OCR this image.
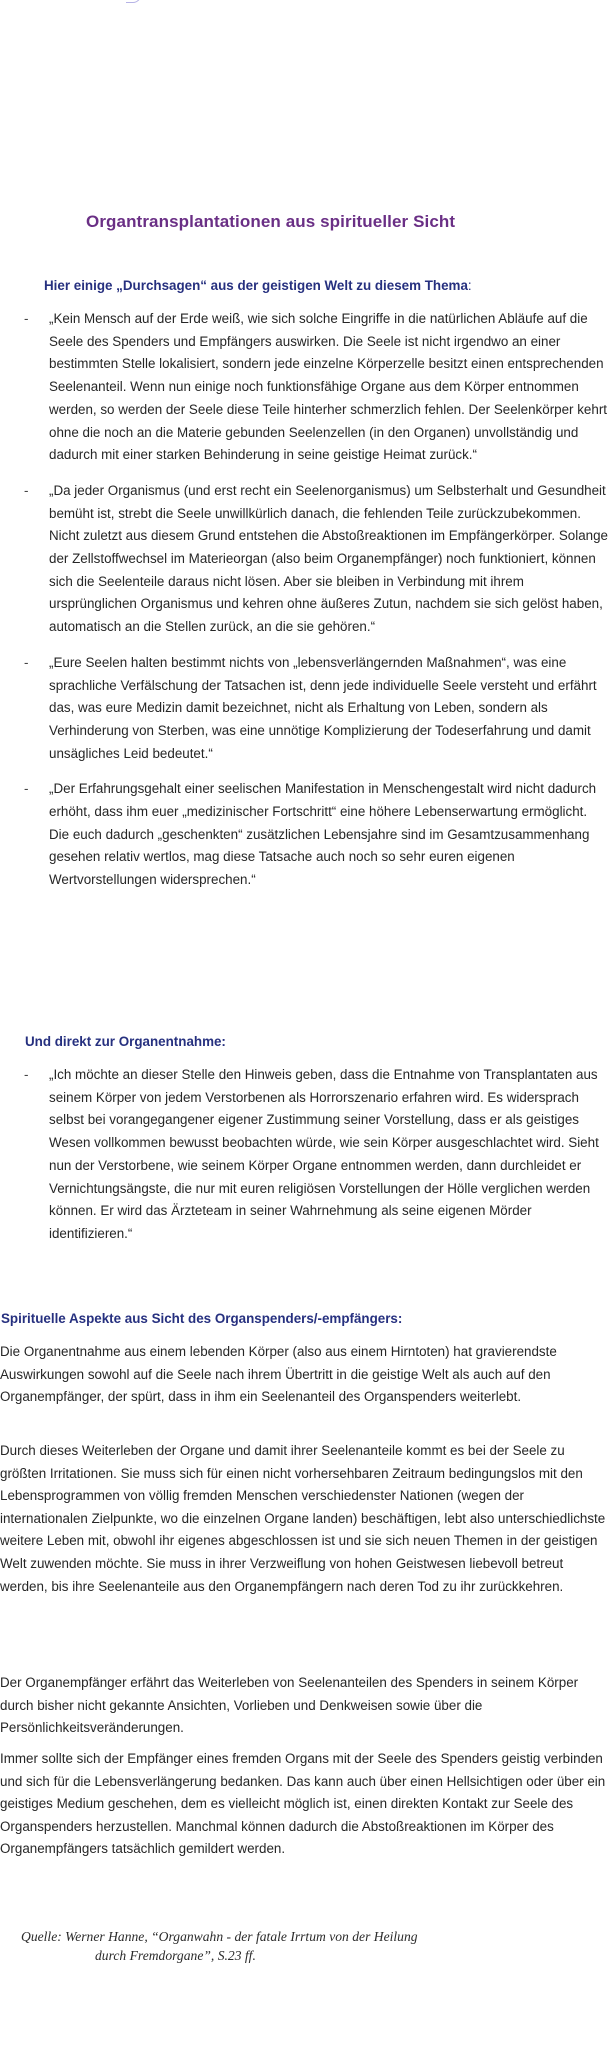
Organtransplantationen aus spiritueller Sicht
Hier einige „Durchsagen“ aus der geistigen Welt zu diesem Thema:
- „Kein Mensch auf der Erde weiß, wie sich solche Eingriffe in die natürlichen Abläufe auf die Seele des Spenders und Empfängers auswirken. Die Seele ist nicht irgendwo an einer bestimmten Stelle lokalisiert, sondern jede einzelne Körperzelle besitzt einen entsprechenden Seelenanteil. Wenn nun einige noch funktionsfähige Organe aus dem Körper entnommen werden, so werden der Seele diese Teile hinterher schmerzlich fehlen. Der Seelenkörper kehrt ohne die noch an die Materie gebunden Seelenzellen (in den Organen) unvollständig und dadurch mit einer starken Behinderung in seine geistige Heimat zurück.“
- „Da jeder Organismus (und erst recht ein Seelenorganismus) um Selbsterhalt und Gesundheit bemüht ist, strebt die Seele unwillkürlich danach, die fehlenden Teile zurückzubekommen. Nicht zuletzt aus diesem Grund entstehen die Abstoßreaktionen im Empfängerkörper. Solange der Zellstoffwechsel im Materieorgan (also beim Organempfänger) noch funktioniert, können sich die Seelenteile daraus nicht lösen. Aber sie bleiben in Verbindung mit ihrem ursprünglichen Organismus und kehren ohne äußeres Zutun, nachdem sie sich gelöst haben, automatisch an die Stellen zurück, an die sie gehören.“
- „Eure Seelen halten bestimmt nichts von „lebensverlängernden Maßnahmen“, was eine sprachliche Verfälschung der Tatsachen ist, denn jede individuelle Seele versteht und erfährt das, was eure Medizin damit bezeichnet, nicht als Erhaltung von Leben, sondern als Verhinderung von Sterben, was eine unnötige Komplizierung der Todeserfahrung und damit unsägliches Leid bedeutet.“
- „Der Erfahrungsgehalt einer seelischen Manifestation in Menschengestalt wird nicht dadurch erhöht, dass ihm euer „medizinischer Fortschritt“ eine höhere Lebenserwartung ermöglicht. Die euch dadurch „geschenkten“ zusätzlichen Lebensjahre sind im Gesamtzusammenhang gesehen relativ wertlos, mag diese Tatsache auch noch so sehr euren eigenen Wertvorstellungen widersprechen.“
Und direkt zur Organentnahme:
- „Ich möchte an dieser Stelle den Hinweis geben, dass die Entnahme von Transplantaten aus seinem Körper von jedem Verstorbenen als Horrorszenario erfahren wird. Es widersprach selbst bei vorangegangener eigener Zustimmung seiner Vorstellung, dass er als geistiges Wesen vollkommen bewusst beobachten würde, wie sein Körper ausgeschlachtet wird. Sieht nun der Verstorbene, wie seinem Körper Organe entnommen werden, dann durchleidet er Vernichtungsängste, die nur mit euren religiösen Vorstellungen der Hölle verglichen werden können. Er wird das Ärzteteam in seiner Wahrnehmung als seine eigenen Mörder identifizieren.“
Spirituelle Aspekte aus Sicht des Organspenders/-empfängers:

Die Organentnahme aus einem lebenden Körper (also aus einem Hirntoten) hat gravierendste Auswirkungen sowohl auf die Seele nach ihrem Übertritt in die geistige Welt als auch auf den Organempfänger, der spürt, dass in ihm ein Seelenanteil des Organspenders weiterlebt.

Durch dieses Weiterleben der Organe und damit ihrer Seelenanteile kommt es bei der Seele zu größten Irritationen. Sie muss sich für einen nicht vorhersehbaren Zeitraum bedingungslos mit den Lebensprogrammen von völlig fremden Menschen verschiedenster Nationen (wegen der internationalen Zielpunkte, wo die einzelnen Organe landen) beschäftigen, lebt also unterschiedlichste weitere Leben mit, obwohl ihr eigenes abgeschlossen ist und sie sich neuen Themen in der geistigen Welt zuwenden möchte. Sie muss in ihrer Verzweiflung von hohen Geistwesen liebevoll betreut werden, bis ihre Seelenanteile aus den Organempfängern nach deren Tod zu ihr zurückkehren.

Der Organempfänger erfährt das Weiterleben von Seelenanteilen des Spenders in seinem Körper durch bisher nicht gekannte Ansichten, Vorlieben und Denkweisen sowie über die Persönlichkeitsveränderungen.

Immer sollte sich der Empfänger eines fremden Organs mit der Seele des Spenders geistig verbinden und sich für die Lebensverlängerung bedanken. Das kann auch über einen Hellsichtigen oder über ein geistiges Medium geschehen, dem es vielleicht möglich ist, einen direkten Kontakt zur Seele des Organspenders herzustellen. Manchmal können dadurch die Abstoßreaktionen im Körper des Organempfängers tatsächlich gemildert werden.

Quelle: Werner Hanne, “Organwahn - der fatale Irrtum von der Heilung
durch Fremdorgane”, S.23 ff.
